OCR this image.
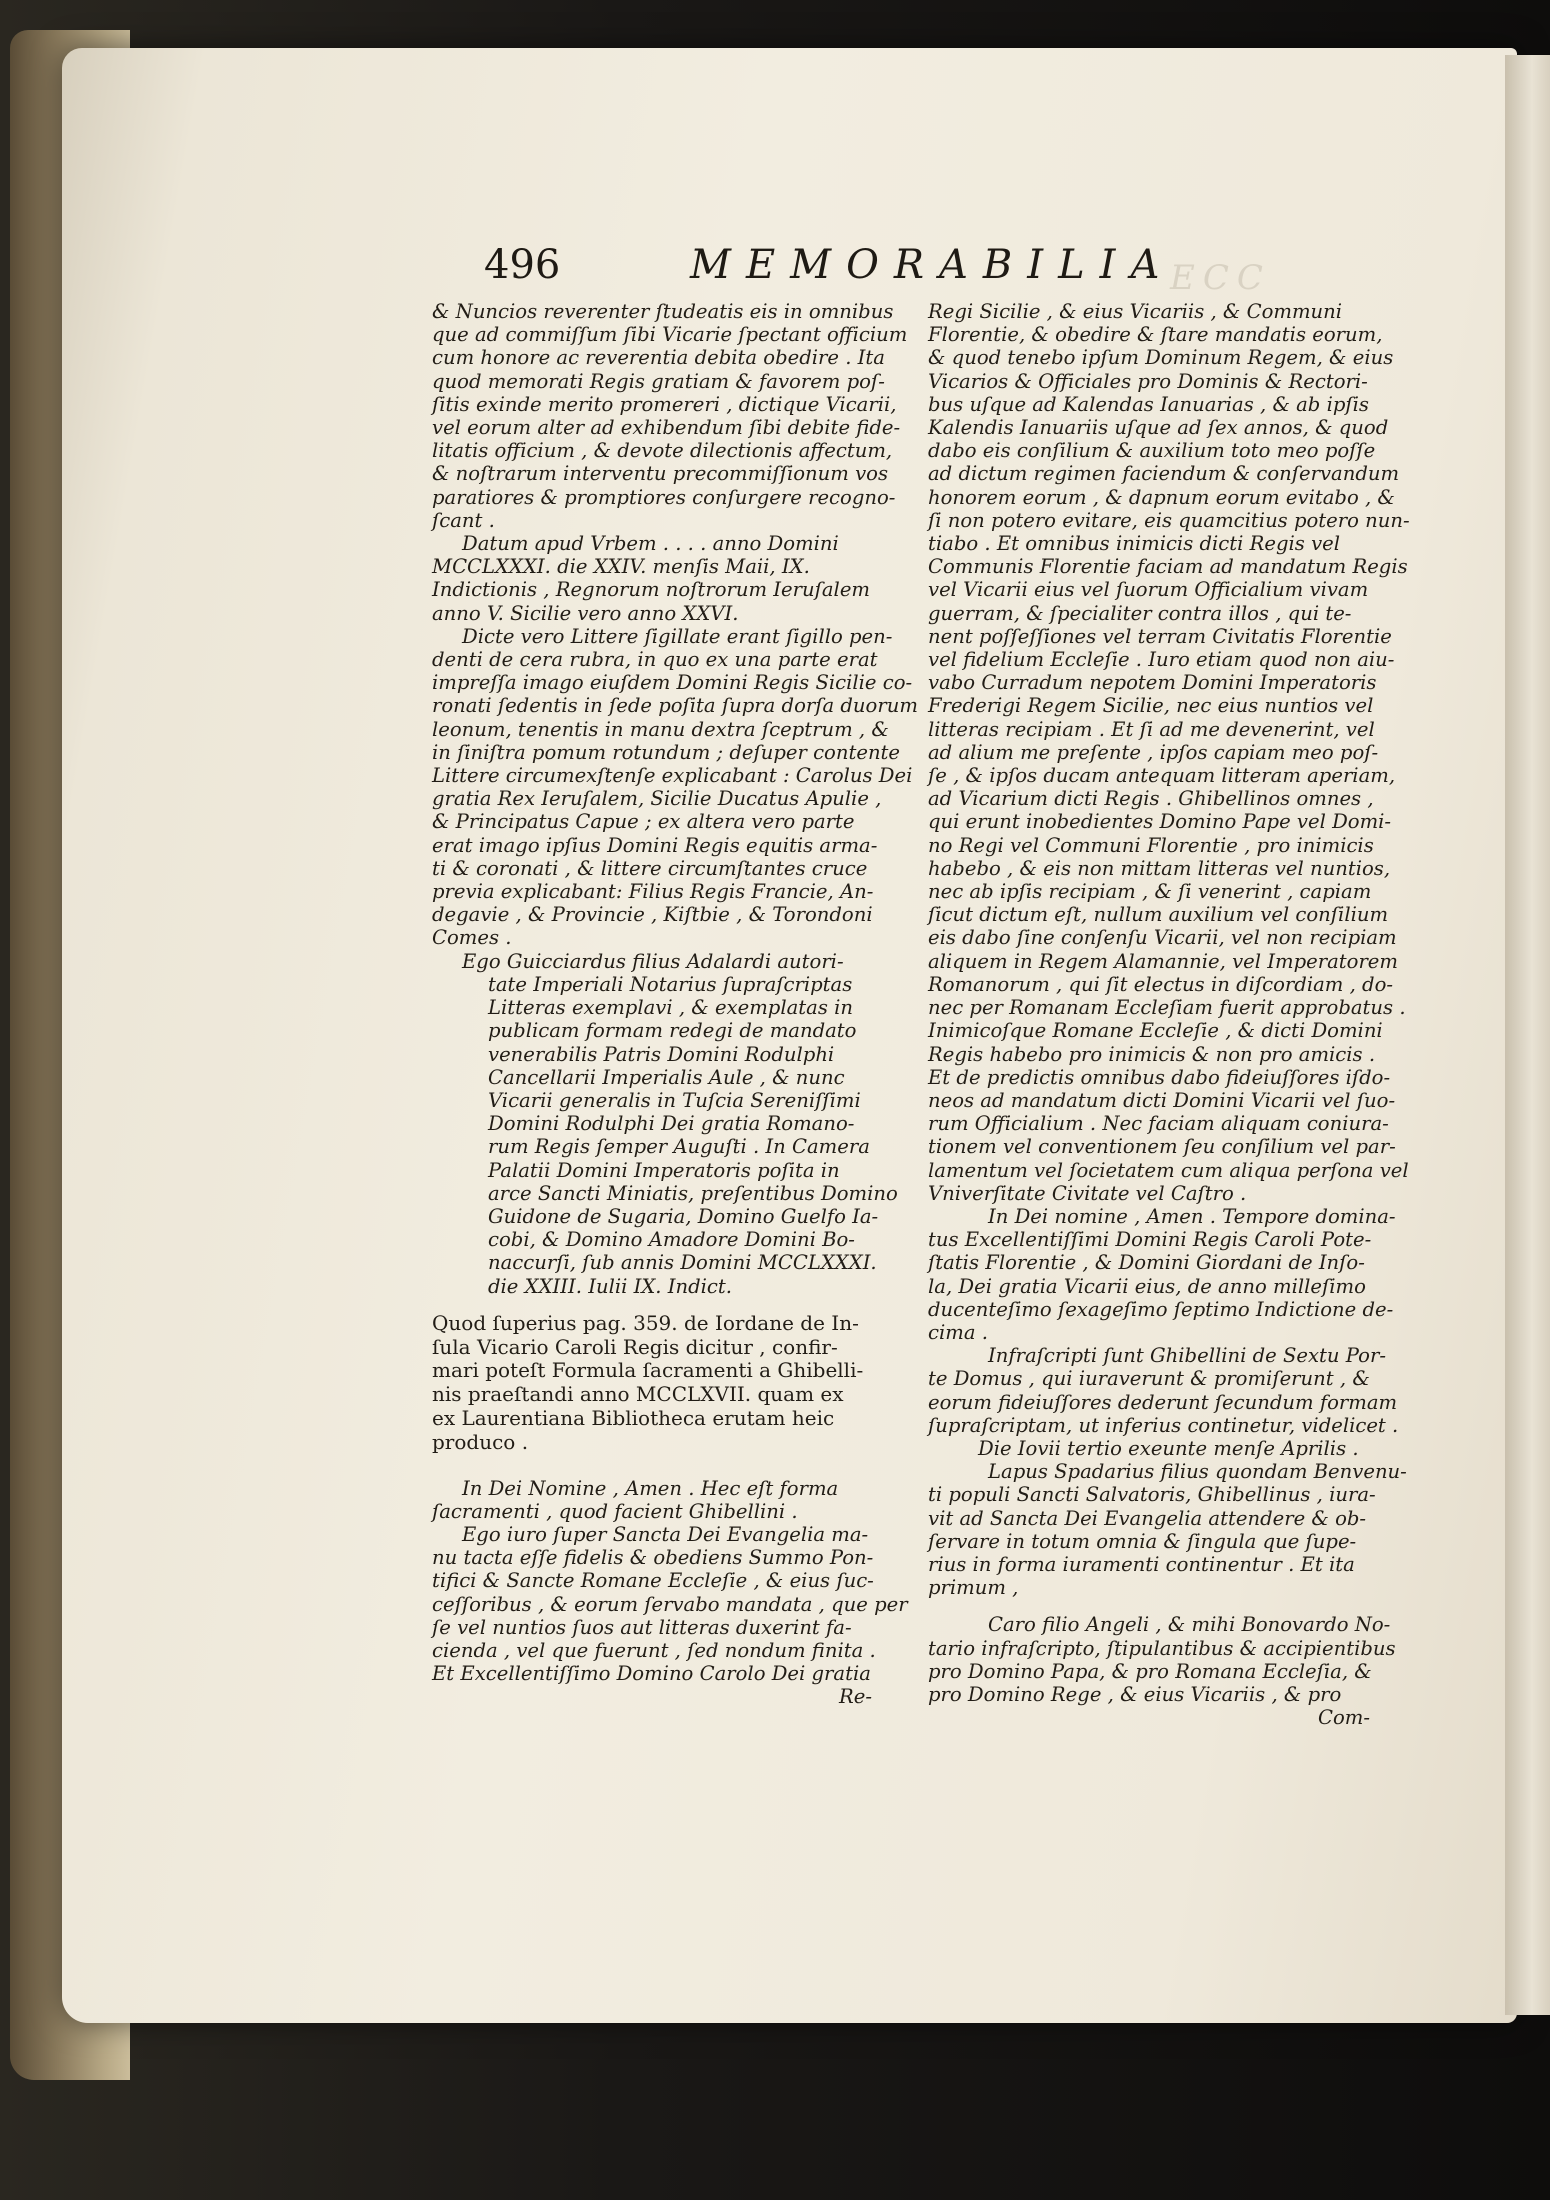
ECC
496	MEMORABILIA
& Nuncios reverenter ſtudeatis eis in omnibus
que ad commiſſum ſibi Vicarie ſpectant officium
cum honore ac reverentia debita obedire . Ita
quod memorati Regis gratiam & favorem poſ-
ſitis exinde merito promereri , dictique Vicarii,
vel eorum alter ad exhibendum ſibi debite fide-
litatis officium , & devote dilectionis affectum,
& noſtrarum interventu precommiſſionum vos
paratiores & promptiores conſurgere recogno-
ſcant .
Datum apud Vrbem . . . . anno Domini
MCCLXXXI. die XXIV. menſis Maii, IX.
Indictionis , Regnorum noſtrorum Ieruſalem
anno V. Sicilie vero anno XXVI.
Dicte vero Littere ſigillate erant ſigillo pen-
denti de cera rubra, in quo ex una parte erat
impreſſa imago eiuſdem Domini Regis Sicilie co-
ronati ſedentis in ſede poſita ſupra dorſa duorum
leonum, tenentis in manu dextra ſceptrum , &
in ſiniſtra pomum rotundum ; deſuper contente
Littere circumexſtenſe explicabant : Carolus Dei
gratia Rex Ieruſalem, Sicilie Ducatus Apulie ,
& Principatus Capue ; ex altera vero parte
erat imago ipſius Domini Regis equitis arma-
ti & coronati , & littere circumſtantes cruce
previa explicabant: Filius Regis Francie, An-
degavie , & Provincie , Kiſtbie , & Torondoni
Comes .
Ego Guicciardus filius Adalardi autori-
tate Imperiali Notarius ſupraſcriptas
Litteras exemplavi , & exemplatas in
publicam formam redegi de mandato
venerabilis Patris Domini Rodulphi
Cancellarii Imperialis Aule , & nunc
Vicarii generalis in Tuſcia Sereniſſimi
Domini Rodulphi Dei gratia Romano-
rum Regis ſemper Auguſti . In Camera
Palatii Domini Imperatoris poſita in
arce Sancti Miniatis, preſentibus Domino
Guidone de Sugaria, Domino Guelfo Ia-
cobi, & Domino Amadore Domini Bo-
naccurſi, ſub annis Domini MCCLXXXI.
die XXIII. Iulii IX. Indict.
Quod ſuperius pag. 359. de Iordane de In-
ſula Vicario Caroli Regis dicitur , confir-
mari poteſt Formula ſacramenti a Ghibelli-
nis praeſtandi anno MCCLXVII. quam ex
ex Laurentiana Bibliotheca erutam heic
produco .
In Dei Nomine , Amen . Hec eſt forma
ſacramenti , quod facient Ghibellini .
Ego iuro ſuper Sancta Dei Evangelia ma-
nu tacta eſſe fidelis & obediens Summo Pon-
tifici & Sancte Romane Eccleſie , & eius ſuc-
ceſſoribus , & eorum ſervabo mandata , que per
ſe vel nuntios ſuos aut litteras duxerint fa-
cienda , vel que fuerunt , ſed nondum finita .
Et Excellentiſſimo Domino Carolo Dei gratia
Re-
Regi Sicilie , & eius Vicariis , & Communi
Florentie, & obedire & ſtare mandatis eorum,
& quod tenebo ipſum Dominum Regem, & eius
Vicarios & Officiales pro Dominis & Rectori-
bus uſque ad Kalendas Ianuarias , & ab ipſis
Kalendis Ianuariis uſque ad ſex annos, & quod
dabo eis conſilium & auxilium toto meo poſſe
ad dictum regimen faciendum & conſervandum
honorem eorum , & dapnum eorum evitabo , &
ſi non potero evitare, eis quamcitius potero nun-
tiabo . Et omnibus inimicis dicti Regis vel
Communis Florentie faciam ad mandatum Regis
vel Vicarii eius vel ſuorum Officialium vivam
guerram, & ſpecialiter contra illos , qui te-
nent poſſeſſiones vel terram Civitatis Florentie
vel fidelium Eccleſie . Iuro etiam quod non aiu-
vabo Curradum nepotem Domini Imperatoris
Frederigi Regem Sicilie, nec eius nuntios vel
litteras recipiam . Et ſi ad me devenerint, vel
ad alium me preſente , ipſos capiam meo poſ-
ſe , & ipſos ducam antequam litteram aperiam,
ad Vicarium dicti Regis . Ghibellinos omnes ,
qui erunt inobedientes Domino Pape vel Domi-
no Regi vel Communi Florentie , pro inimicis
habebo , & eis non mittam litteras vel nuntios,
nec ab ipſis recipiam , & ſi venerint , capiam
ſicut dictum eſt, nullum auxilium vel conſilium
eis dabo ſine conſenſu Vicarii, vel non recipiam
aliquem in Regem Alamannie, vel Imperatorem
Romanorum , qui ſit electus in diſcordiam , do-
nec per Romanam Eccleſiam fuerit approbatus .
Inimicoſque Romane Eccleſie , & dicti Domini
Regis habebo pro inimicis & non pro amicis .
Et de predictis omnibus dabo fideiuſſores iſdo-
neos ad mandatum dicti Domini Vicarii vel ſuo-
rum Officialium . Nec faciam aliquam coniura-
tionem vel conventionem ſeu conſilium vel par-
lamentum vel ſocietatem cum aliqua perſona vel
Vniverſitate Civitate vel Caſtro .
In Dei nomine , Amen . Tempore domina-
tus Excellentiſſimi Domini Regis Caroli Pote-
ſtatis Florentie , & Domini Giordani de Inſo-
la, Dei gratia Vicarii eius, de anno milleſimo
ducenteſimo ſexageſimo ſeptimo Indictione de-
cima .
Infraſcripti ſunt Ghibellini de Sextu Por-
te Domus , qui iuraverunt & promiſerunt , &
eorum fideiuſſores dederunt ſecundum formam
ſupraſcriptam, ut inferius continetur, videlicet .
Die Iovii tertio exeunte menſe Aprilis .
Lapus Spadarius filius quondam Benvenu-
ti populi Sancti Salvatoris, Ghibellinus , iura-
vit ad Sancta Dei Evangelia attendere & ob-
ſervare in totum omnia & ſingula que ſupe-
rius in forma iuramenti continentur . Et ita
primum ,
Caro filio Angeli , & mihi Bonovardo No-
tario infraſcripto, ſtipulantibus & accipientibus
pro Domino Papa, & pro Romana Eccleſia, &
pro Domino Rege , & eius Vicariis , & pro
Com-
